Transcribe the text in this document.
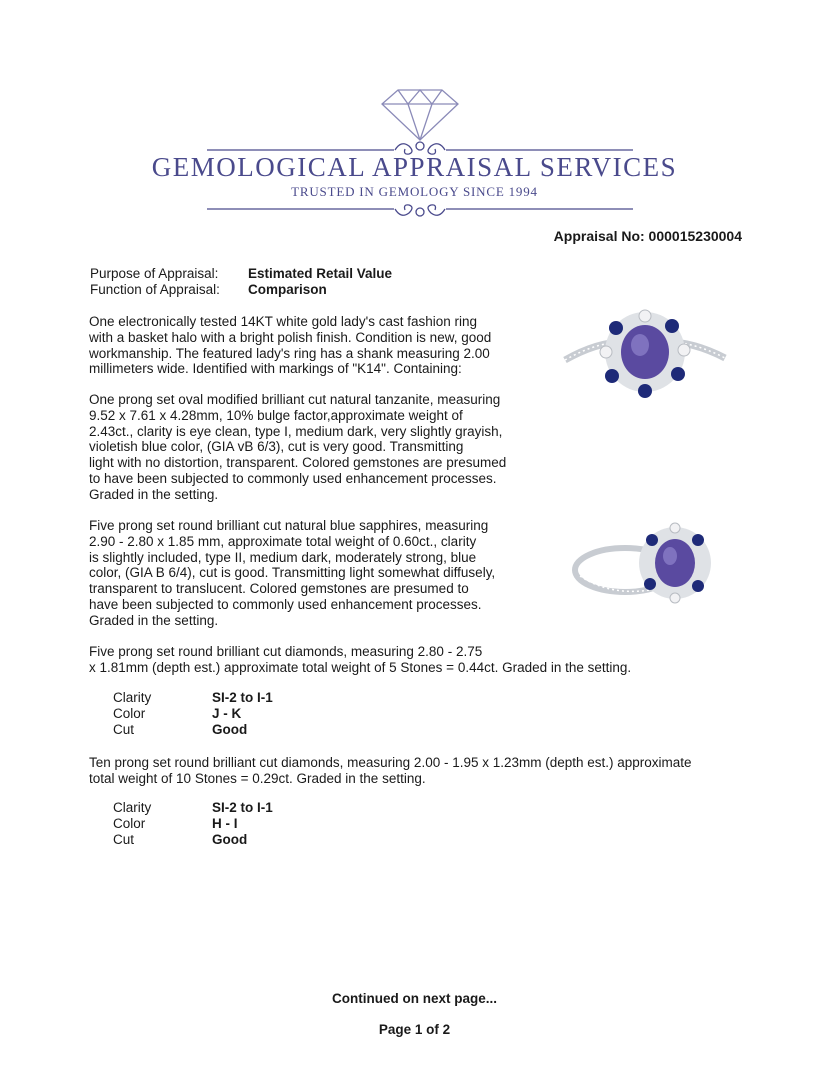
GEMOLOGICAL APPRAISAL SERVICES
TRUSTED IN GEMOLOGY SINCE 1994
Appraisal No: 000015230004
Purpose of Appraisal: Estimated Retail Value
Function of Appraisal: Comparison
One electronically tested 14KT white gold lady's cast fashion ring
with a basket halo with a bright polish finish. Condition is new, good
workmanship. The featured lady's ring has a shank measuring 2.00
millimeters wide. Identified with markings of "K14". Containing:
One prong set oval modified brilliant cut natural tanzanite, measuring
9.52 x 7.61 x 4.28mm, 10% bulge factor,approximate weight of
2.43ct., clarity is eye clean, type I, medium dark, very slightly grayish,
violetish blue color, (GIA vB 6/3), cut is very good. Transmitting
light with no distortion, transparent. Colored gemstones are presumed
to have been subjected to commonly used enhancement processes.
Graded in the setting.
Five prong set round brilliant cut natural blue sapphires, measuring
2.90 - 2.80 x 1.85 mm, approximate total weight of 0.60ct., clarity
is slightly included, type II, medium dark, moderately strong, blue
color, (GIA B 6/4), cut is good. Transmitting light somewhat diffusely,
transparent to translucent. Colored gemstones are presumed to
have been subjected to commonly used enhancement processes.
Graded in the setting.
Five prong set round brilliant cut diamonds, measuring 2.80 - 2.75
x 1.81mm (depth est.) approximate total weight of 5 Stones = 0.44ct. Graded in the setting.
Clarity	SI-2 to I-1
Color	J - K
Cut	Good
Ten prong set round brilliant cut diamonds, measuring 2.00 - 1.95 x 1.23mm (depth est.) approximate
total weight of 10 Stones = 0.29ct. Graded in the setting.
Clarity	SI-2 to I-1
Color	H - I
Cut	Good
Continued on next page...
Page 1 of 2
